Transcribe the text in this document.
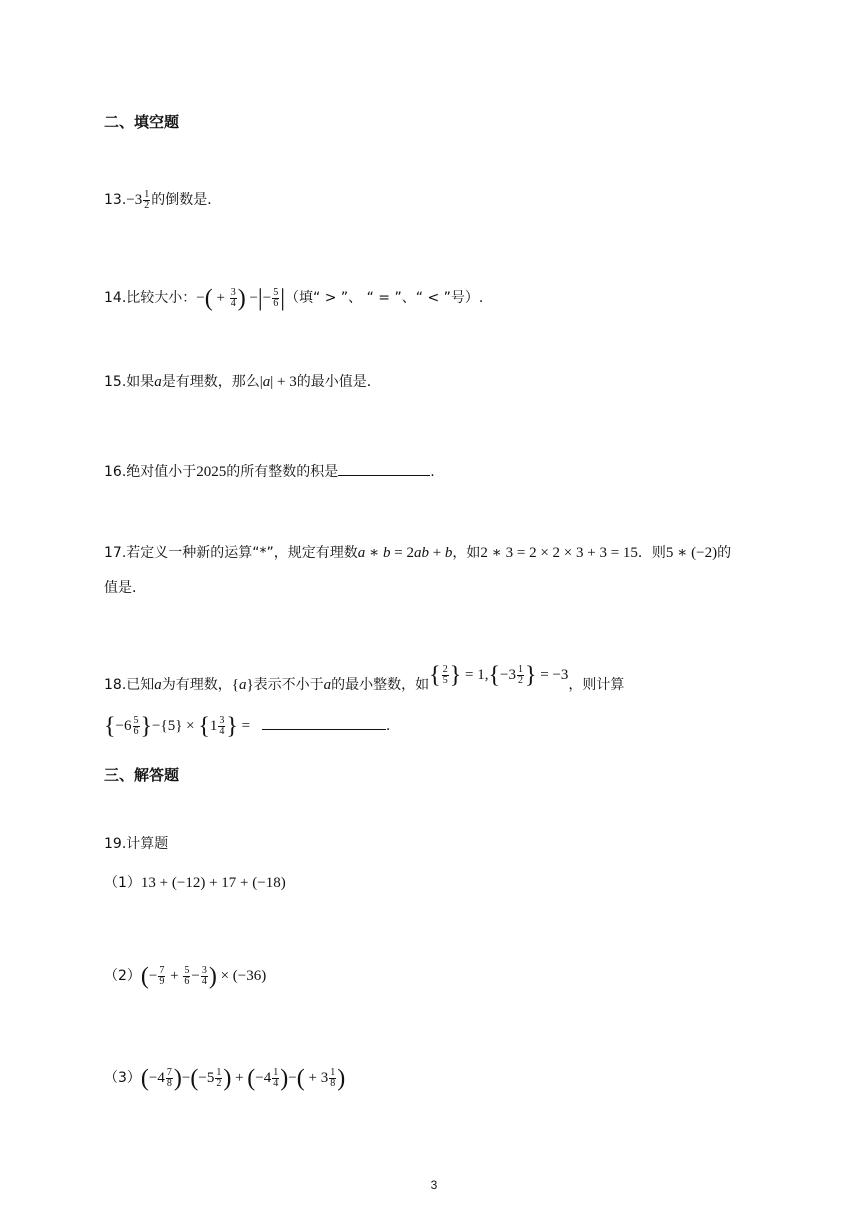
二、填空题
$13.-3 \frac{1}{2}$ 的倒数是．
14.比较大小：−( + $\frac{3}{4}$ ) −|− $\frac{5}{6}$ |（填“ > ”、 “ = ”、“ < ”号）.
15.如果a是有理数，那么|a| + 3的最小值是．
16.绝对值小于2025的所有整数的积是	.
17.若定义一种新的运算“*”，规定有理数a ∗ b = 2ab + b，如2 ∗ 3 = 2 × 2 × 3 + 3 = 15．则5 ∗ (−2)的
值是．
18.已知a为有理数，{a}表示不小于a的最小整数，如{ $\frac{2}{5}$ } = $1,\{-3 \frac{1}{2}$ } = −3，则计算
$\{-6 \frac{5}{6} \}-\{5\} \times \{1 \frac{3}{4}$ } =	.
三、解答题
19.计算题
（1）13 + (−12) + 17 + (−18)
$(2)(- \frac{7}{9} + \frac{5}{6} - \frac{3}{4}$ ) × (−36)
$(3)(-4 \frac{7}{8} )-(-5 \frac{1}{2}$ ) + ($-4 \frac{1}{4}$ )−( + $3 \frac{1}{8}$ )
3
